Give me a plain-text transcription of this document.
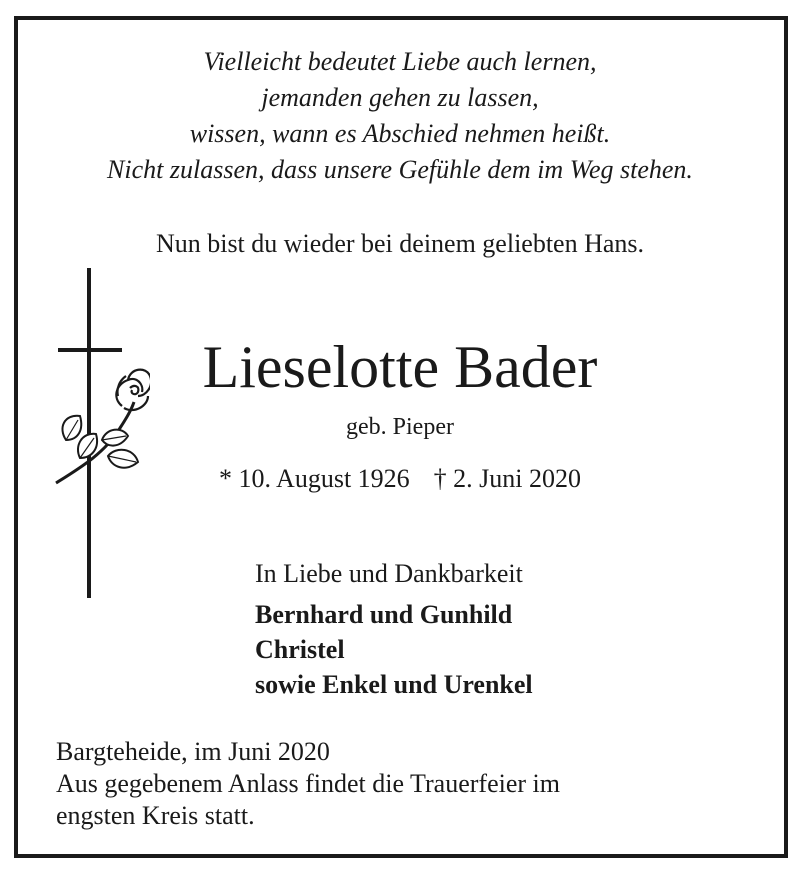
Vielleicht bedeutet Liebe auch lernen,
jemanden gehen zu lassen,
wissen, wann es Abschied nehmen heißt.
Nicht zulassen, dass unsere Gefühle dem im Weg stehen.
Nun bist du wieder bei deinem geliebten Hans.
Lieselotte Bader
geb. Pieper
* 10. August 1926 † 2. Juni 2020
In Liebe und Dankbarkeit
Bernhard und Gunhild
Christel
sowie Enkel und Urenkel
Bargteheide, im Juni 2020
Aus gegebenem Anlass findet die Trauerfeier im
engsten Kreis statt.
